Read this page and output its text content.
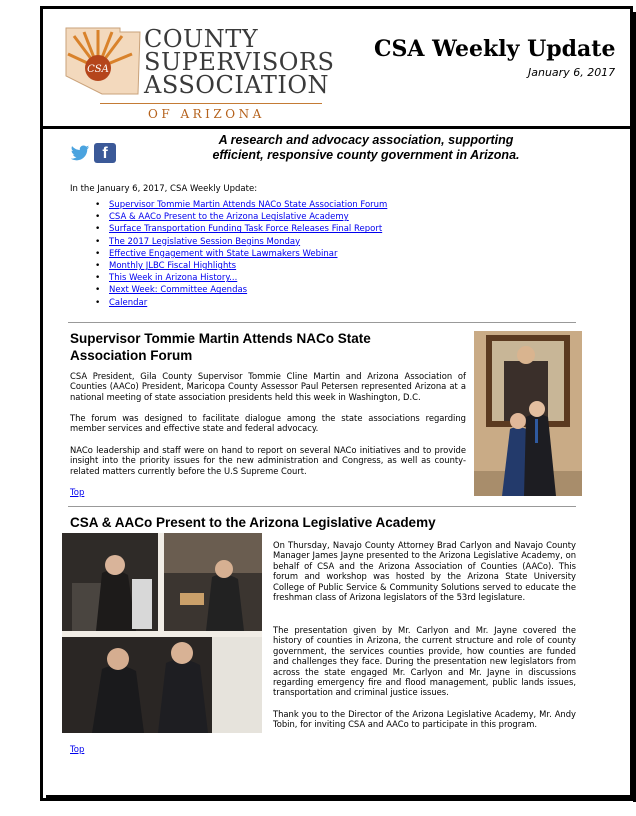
CSA
COUNTY
SUPERVISORS
ASSOCIATION
OF ARIZONA
CSA Weekly Update
January 6, 2017
f
A research and advocacy association, supporting
efficient, responsive county government in Arizona.
In the January 6, 2017, CSA Weekly Update:
• Supervisor Tommie Martin Attends NACo State Association Forum
• CSA & AACo Present to the Arizona Legislative Academy
• Surface Transportation Funding Task Force Releases Final Report
• The 2017 Legislative Session Begins Monday
• Effective Engagement with State Lawmakers Webinar
• Monthly JLBC Fiscal Highlights
• This Week in Arizona History...
• Next Week: Committee Agendas
• Calendar
Supervisor Tommie Martin Attends NACo State
Association Forum
CSA President, Gila County Supervisor Tommie Cline Martin and Arizona Association of Counties (AACo) President, Maricopa County Assessor Paul Petersen represented Arizona at a national meeting of state association presidents held this week in Washington, D.C.
The forum was designed to facilitate dialogue among the state associations regarding member services and effective state and federal advocacy.
NACo leadership and staff were on hand to report on several NACo initiatives and to provide insight into the priority issues for the new administration and Congress, as well as county-related matters currently before the U.S Supreme Court.
Top
CSA & AACo Present to the Arizona Legislative Academy
On Thursday, Navajo County Attorney Brad Carlyon and Navajo County Manager James Jayne presented to the Arizona Legislative Academy, on behalf of CSA and the Arizona Association of Counties (AACo). This forum and workshop was hosted by the Arizona State University College of Public Service & Community Solutions served to educate the freshman class of Arizona legislators of the 53rd legislature.
The presentation given by Mr. Carlyon and Mr. Jayne covered the history of counties in Arizona, the current structure and role of county government, the services counties provide, how counties are funded and challenges they face. During the presentation new legislators from across the state engaged Mr. Carlyon and Mr. Jayne in discussions regarding emergency fire and flood management, public lands issues, transportation and criminal justice issues.
Thank you to the Director of the Arizona Legislative Academy, Mr. Andy Tobin, for inviting CSA and AACo to participate in this program.
Top
